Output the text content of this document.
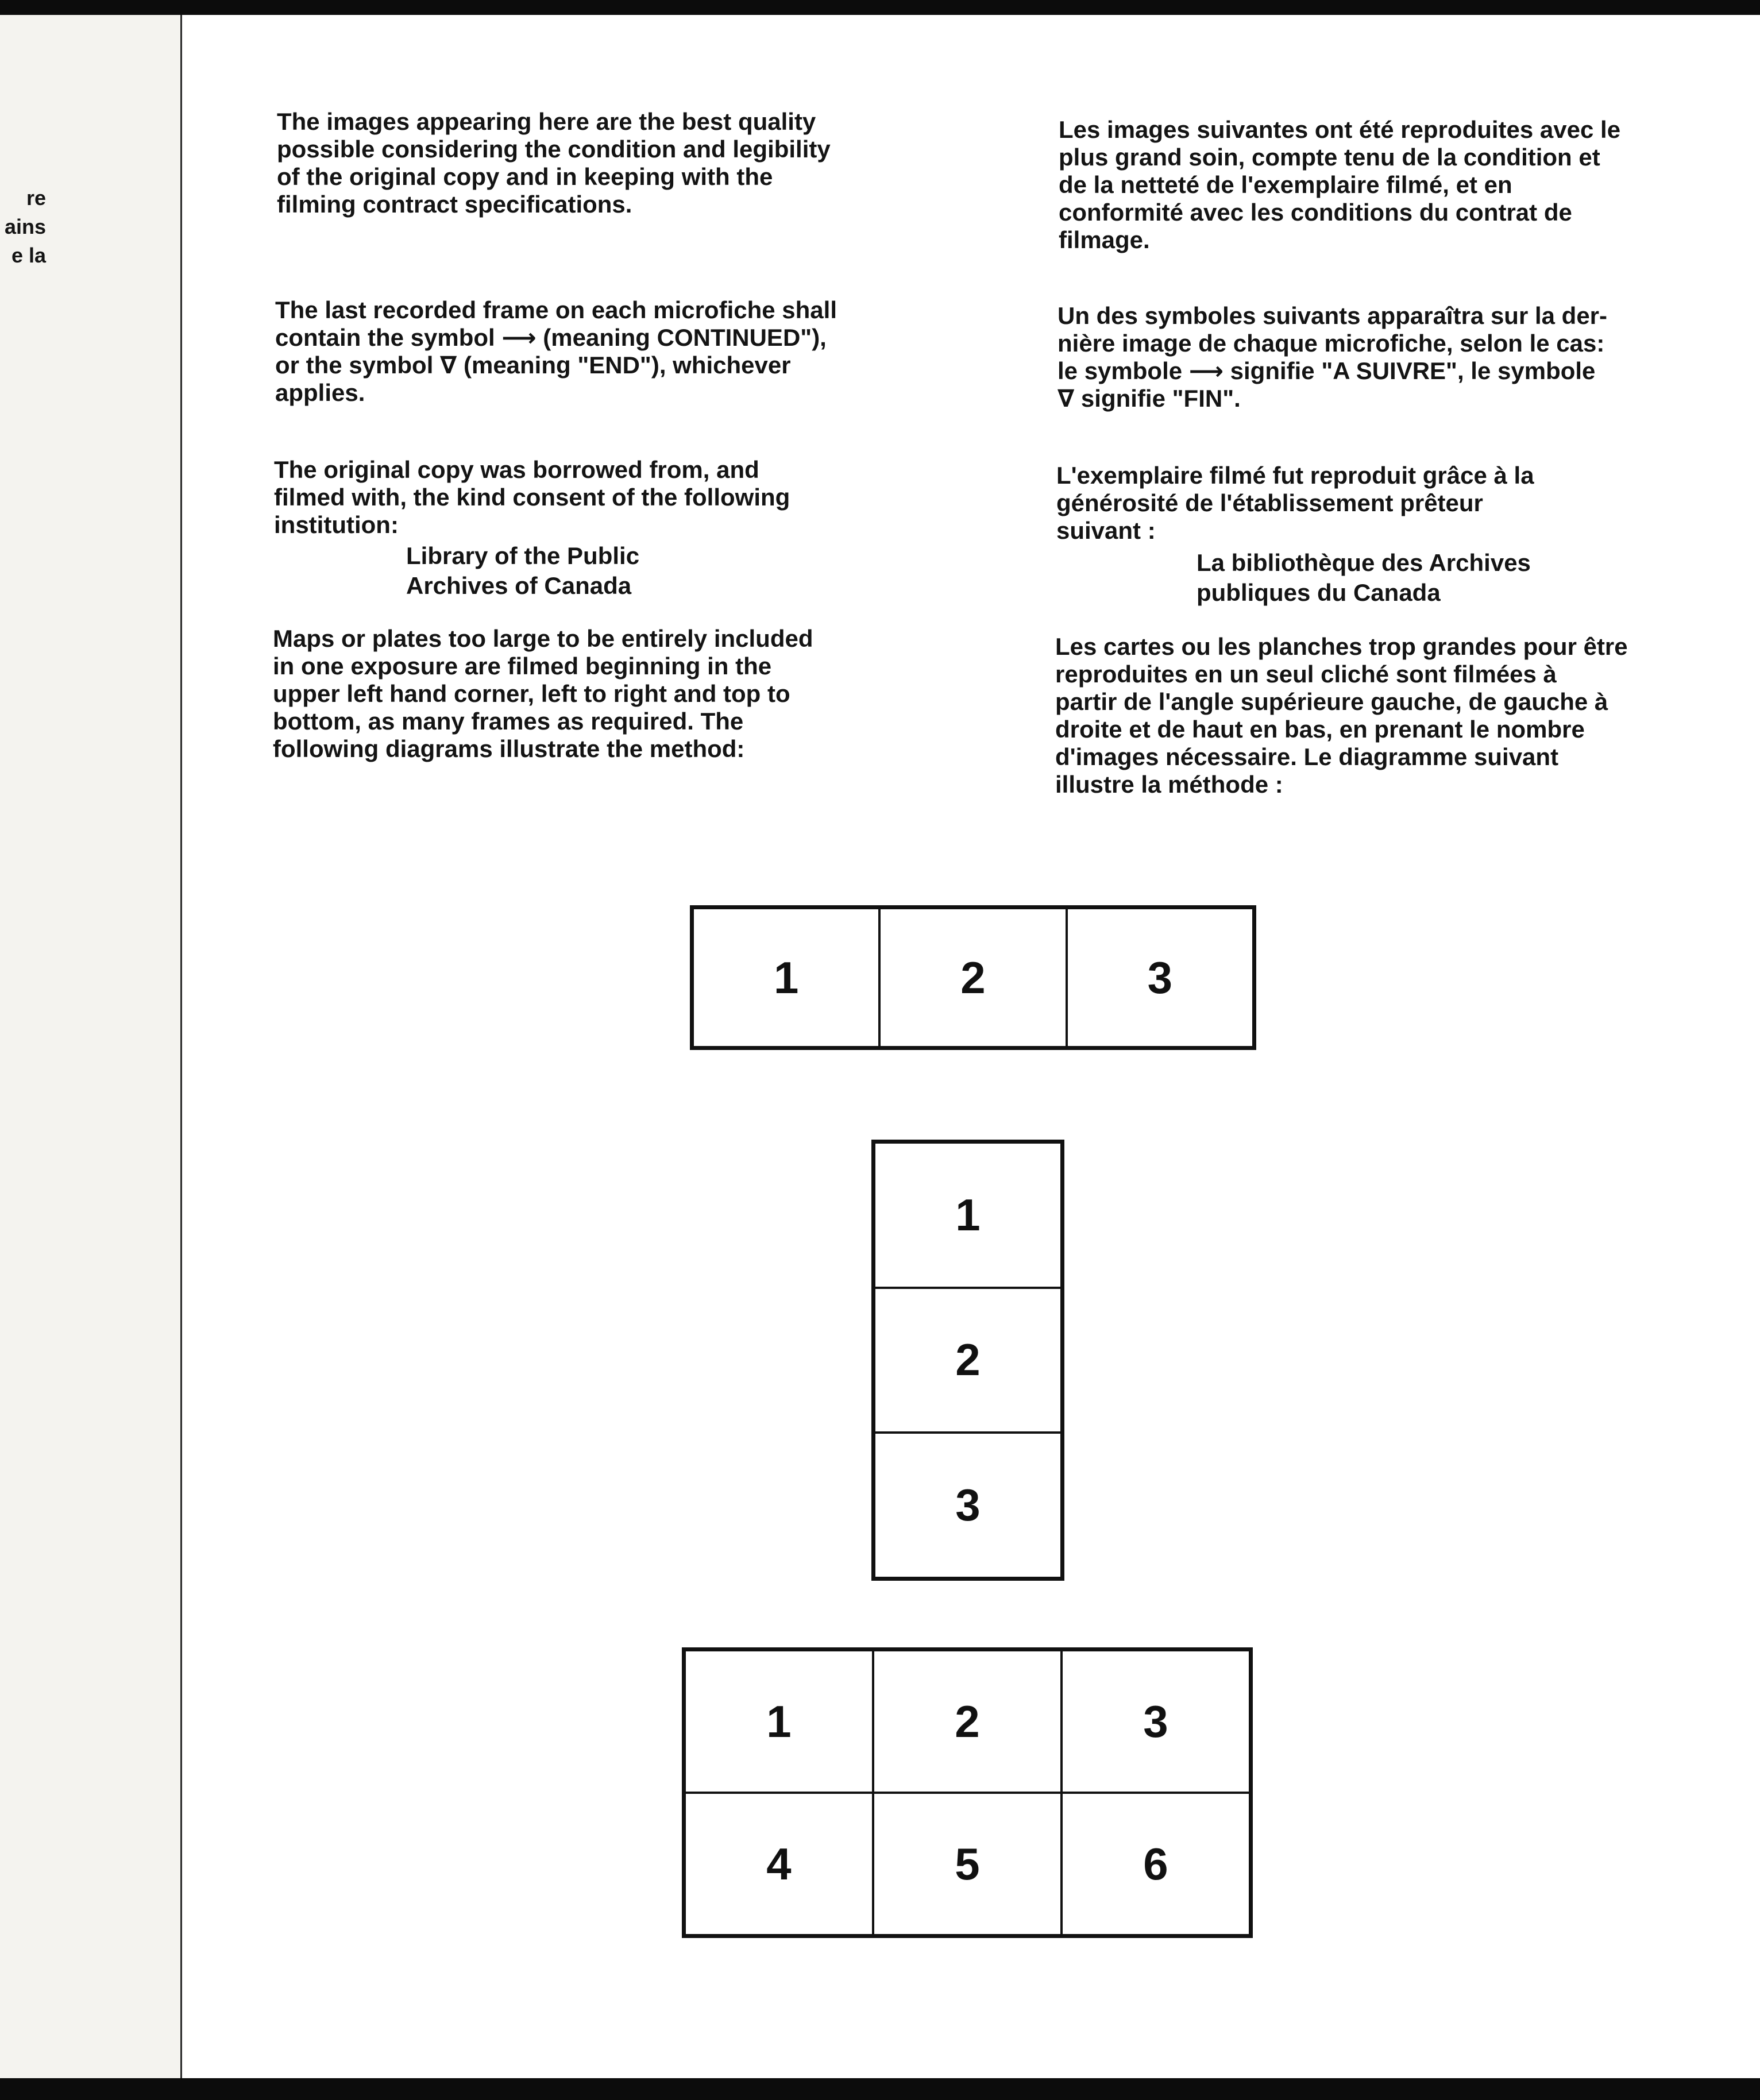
re
ains
e la

The images appearing here are the best quality
possible considering the condition and legibility
of the original copy and in keeping with the
filming contract specifications.

The last recorded frame on each microfiche shall
contain the symbol ⟶ (meaning CONTINUED"),
or the symbol ∇ (meaning "END"), whichever
applies.

The original copy was borrowed from, and
filmed with, the kind consent of the following
institution:

Library of the Public
Archives of Canada

Maps or plates too large to be entirely included
in one exposure are filmed beginning in the
upper left hand corner, left to right and top to
bottom, as many frames as required. The
following diagrams illustrate the method:

Les images suivantes ont été reproduites avec le
plus grand soin, compte tenu de la condition et
de la netteté de l'exemplaire filmé, et en
conformité avec les conditions du contrat de
filmage.

Un des symboles suivants apparaîtra sur la der-
nière image de chaque microfiche, selon le cas:
le symbole ⟶ signifie "A SUIVRE", le symbole
∇ signifie "FIN".

L'exemplaire filmé fut reproduit grâce à la
générosité de l'établissement prêteur
suivant :

La bibliothèque des Archives
publiques du Canada

Les cartes ou les planches trop grandes pour être
reproduites en un seul cliché sont filmées à
partir de l'angle supérieure gauche, de gauche à
droite et de haut en bas, en prenant le nombre
d'images nécessaire. Le diagramme suivant
illustre la méthode :

1	2	3
1
2
3
1	2	3
4	5	6
